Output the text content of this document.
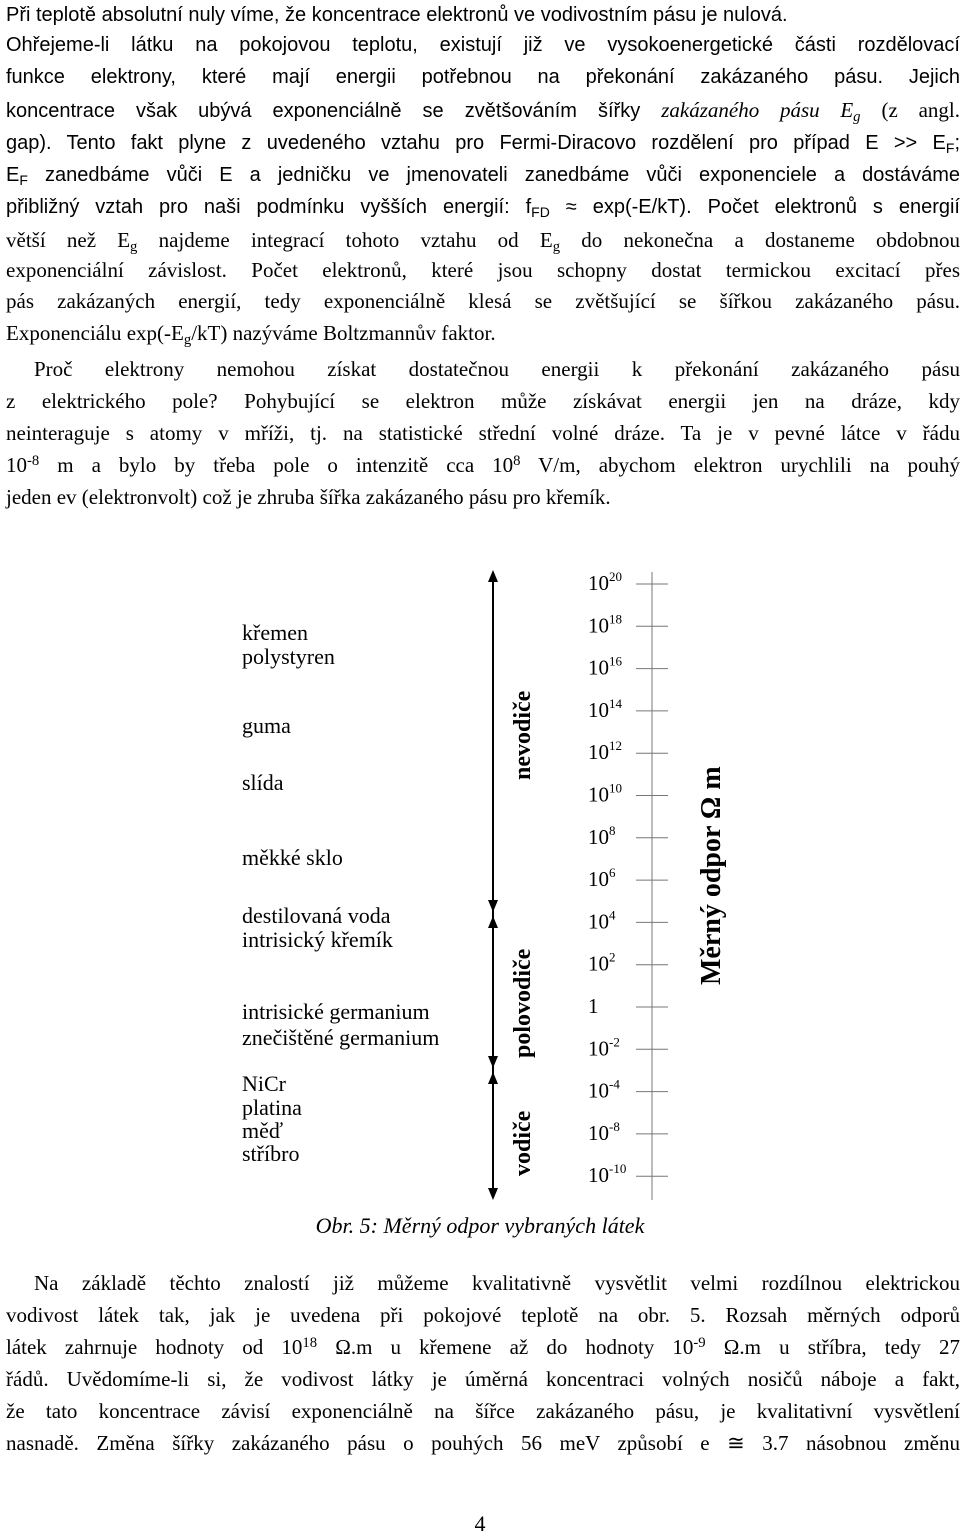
Při teplotě absolutní nuly víme, že koncentrace elektronů ve vodivostním pásu je nulová.
Ohřejeme-li látku na pokojovou teplotu, existují již ve vysokoenergetické části rozdělovací
funkce elektrony, které mají energii potřebnou na překonání zakázaného pásu. Jejich
koncentrace však ubývá exponenciálně se zvětšováním šířky zakázaného pásu $E_g$ (z angl.
gap). Tento fakt plyne z uvedeného vztahu pro Fermi-Diracovo rozdělení pro případ $E >> E_F$;
$E_F$ zanedbáme vůči E a jedničku ve jmenovateli zanedbáme vůči exponenciele a dostáváme
přibližný vztah pro naši podmínku vyšších energií: $f_{FD} \approx \exp(-E/kT)$. Počet elektronů s energií
větší než $E_g$ najdeme integrací tohoto vztahu od $E_g$ do nekonečna a dostaneme obdobnou
exponenciální závislost. Počet elektronů, které jsou schopny dostat termickou excitací přes
pás zakázaných energií, tedy exponenciálně klesá se zvětšující se šířkou zakázaného pásu.
Exponenciálu $\exp(-E_g/kT)$ nazýváme Boltzmannův faktor.
Proč elektrony nemohou získat dostatečnou energii k překonání zakázaného pásu
z elektrického pole? Pohybující se elektron může získávat energii jen na dráze, kdy
neinteraguje s atomy v mříži, tj. na statistické střední volné dráze. Ta je v pevné látce v řádu
$10^{-8}$ m a bylo by třeba pole o intenzitě cca $10^8$ V/m, abychom elektron urychlili na pouhý
jeden ev (elektronvolt) což je zhruba šířka zakázaného pásu pro křemík.
křemen
polystyren
guma
slída
měkké sklo
destilovaná voda
intrisický křemík
intrisické germanium
znečištěné germanium
NiCr
platina
měď
stříbro
nevodiče
polovodiče
vodiče
$10^{20}$
$10^{18}$
$10^{16}$
$10^{14}$
$10^{12}$
$10^{10}$
$10^8$
$10^6$
$10^4$
$10^2$
1
$10^{-2}$
$10^{-4}$
$10^{-8}$
$10^{-10}$
Měrný odpor Ω m
Obr. 5: Měrný odpor vybraných látek
Na základě těchto znalostí již můžeme kvalitativně vysvětlit velmi rozdílnou elektrickou
vodivost látek tak, jak je uvedena při pokojové teplotě na obr. 5. Rozsah měrných odporů
látek zahrnuje hodnoty od $10^{18}$ Ω.m u křemene až do hodnoty $10^{-9}$ Ω.m u stříbra, tedy 27
řádů. Uvědomíme-li si, že vodivost látky je úměrná koncentraci volných nosičů náboje a fakt,
že tato koncentrace závisí exponenciálně na šířce zakázaného pásu, je kvalitativní vysvětlení
nasnadě. Změna šířky zakázaného pásu o pouhých 56 meV způsobí e ≅ 3.7 násobnou změnu
4
